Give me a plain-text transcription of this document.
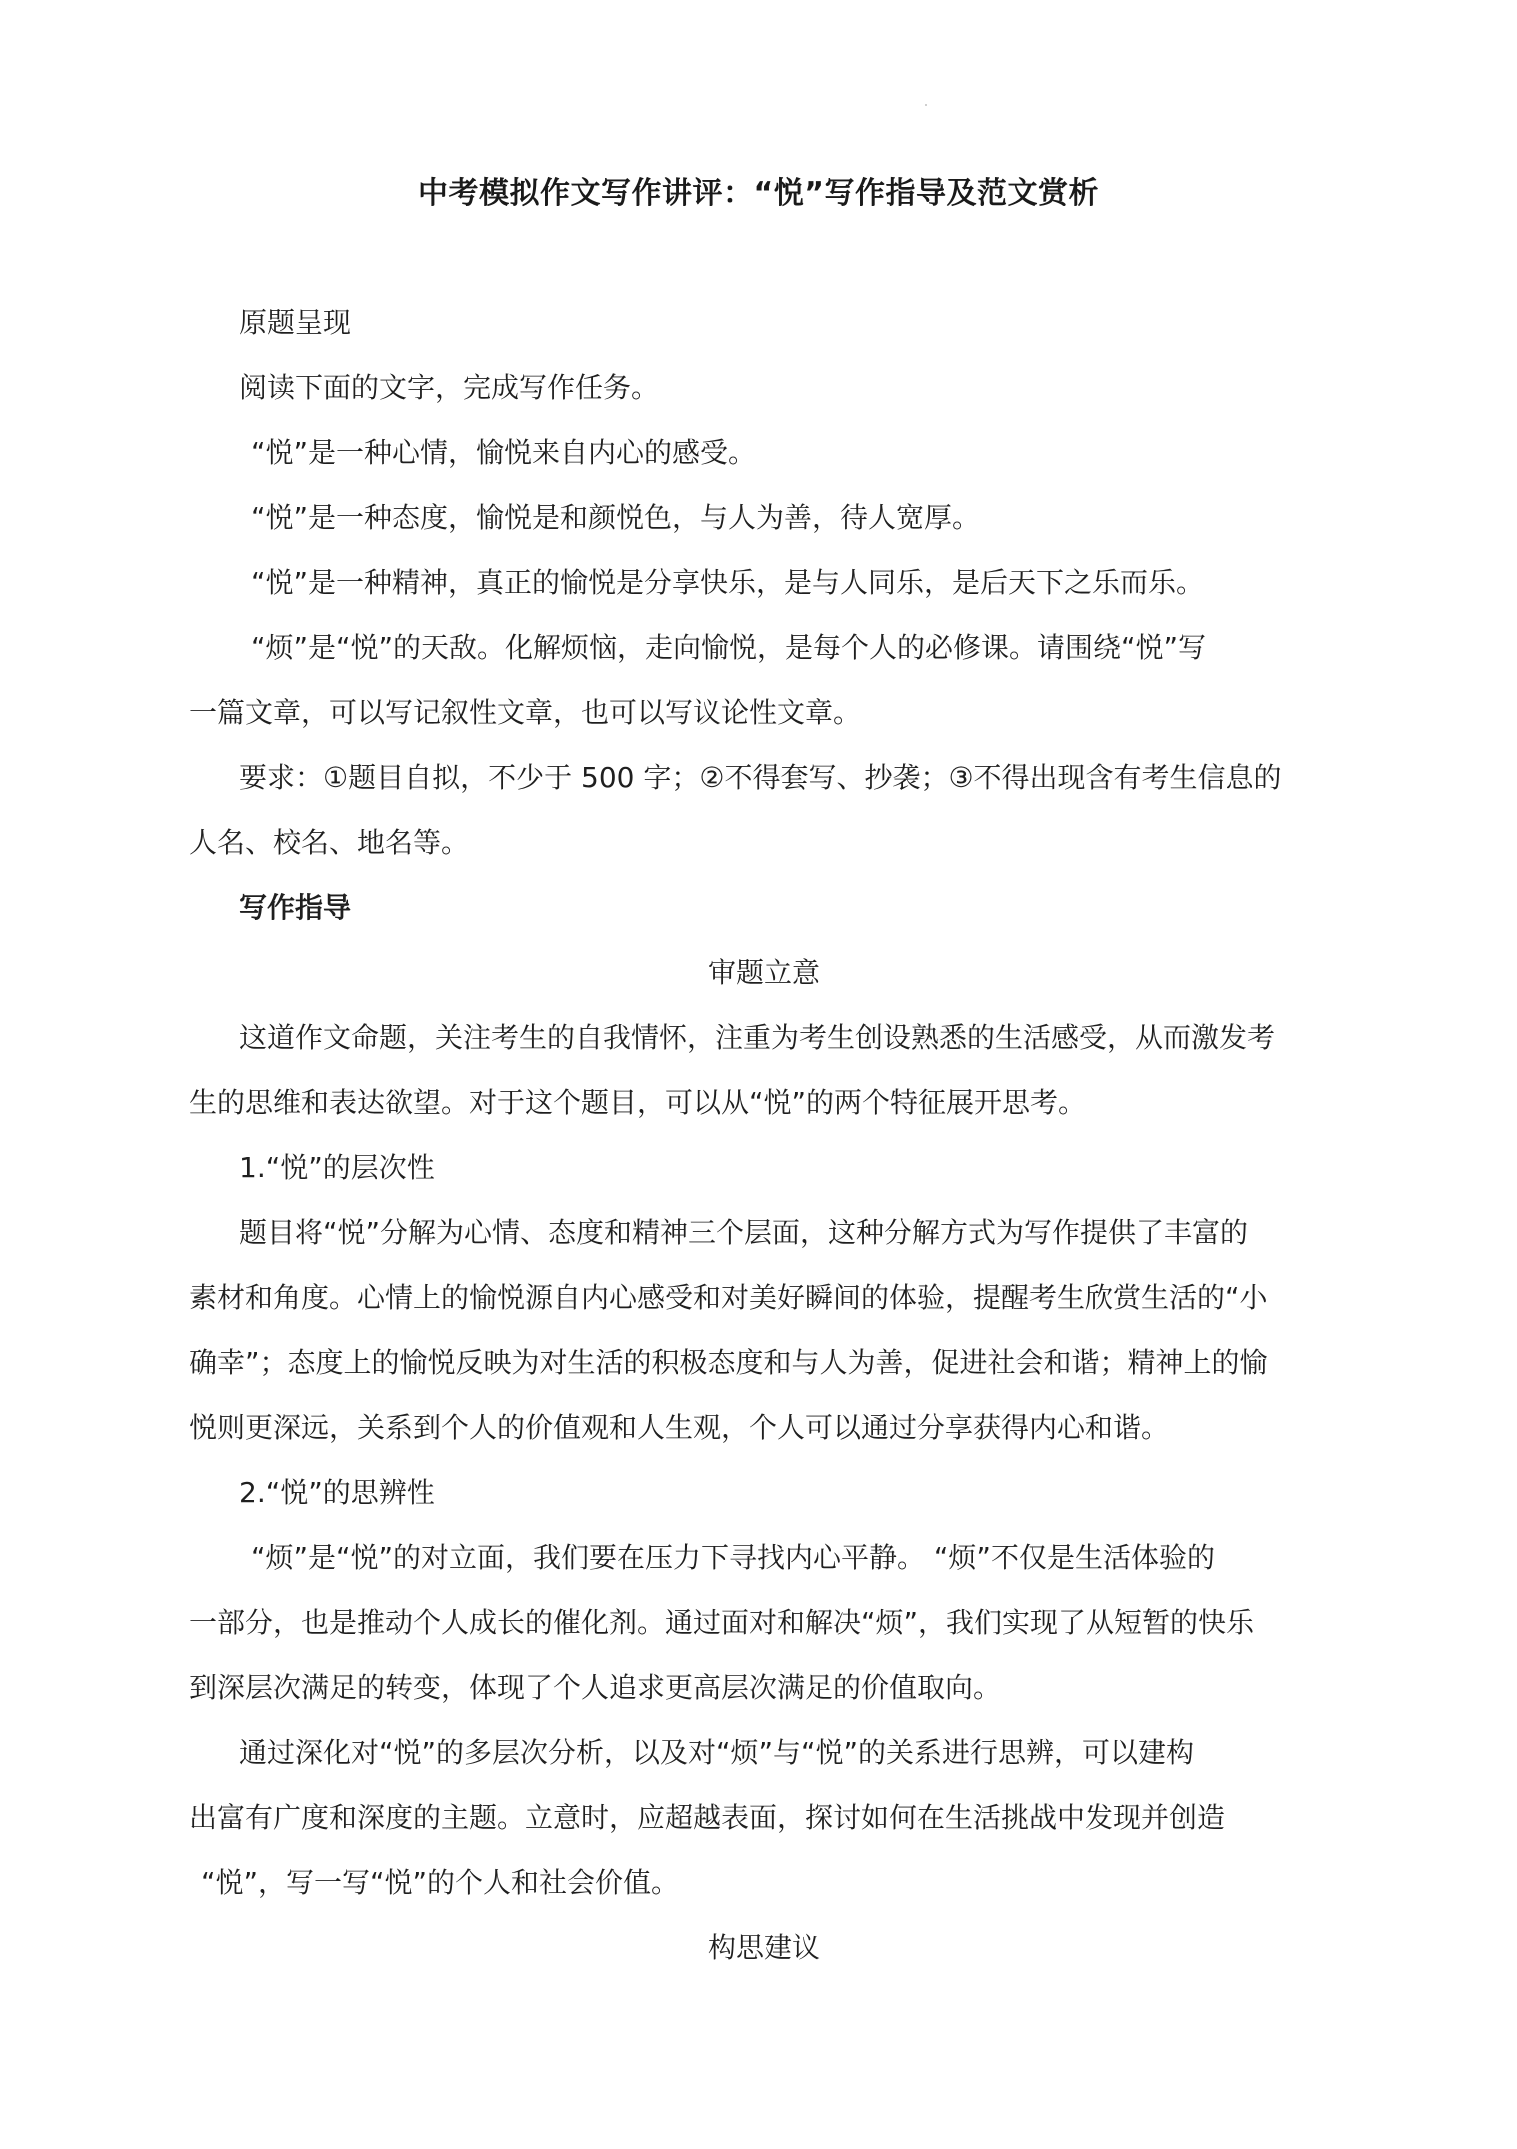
中考模拟作文写作讲评：“悦”写作指导及范文赏析

原题呈现

阅读下面的文字，完成写作任务。

“悦”是一种心情，愉悦来自内心的感受。

“悦”是一种态度，愉悦是和颜悦色，与人为善，待人宽厚。

“悦”是一种精神，真正的愉悦是分享快乐，是与人同乐，是后天下之乐而乐。

“烦”是“悦”的天敌。化解烦恼，走向愉悦，是每个人的必修课。请围绕“悦”写

一篇文章，可以写记叙性文章，也可以写议论性文章。

要求：①题目自拟，不少于 500 字；②不得套写、抄袭；③不得出现含有考生信息的

人名、校名、地名等。

写作指导

审题立意

这道作文命题，关注考生的自我情怀，注重为考生创设熟悉的生活感受，从而激发考

生的思维和表达欲望。对于这个题目，可以从“悦”的两个特征展开思考。

1.“悦”的层次性

题目将“悦”分解为心情、态度和精神三个层面，这种分解方式为写作提供了丰富的

素材和角度。心情上的愉悦源自内心感受和对美好瞬间的体验，提醒考生欣赏生活的“小

确幸”；态度上的愉悦反映为对生活的积极态度和与人为善，促进社会和谐；精神上的愉

悦则更深远，关系到个人的价值观和人生观，个人可以通过分享获得内心和谐。

2.“悦”的思辨性

“烦”是“悦”的对立面，我们要在压力下寻找内心平静。 “烦”不仅是生活体验的

一部分，也是推动个人成长的催化剂。通过面对和解决“烦”，我们实现了从短暂的快乐

到深层次满足的转变，体现了个人追求更高层次满足的价值取向。

通过深化对“悦”的多层次分析，以及对“烦”与“悦”的关系进行思辨，可以建构

出富有广度和深度的主题。立意时，应超越表面，探讨如何在生活挑战中发现并创造

“悦”，写一写“悦”的个人和社会价值。

构思建议
